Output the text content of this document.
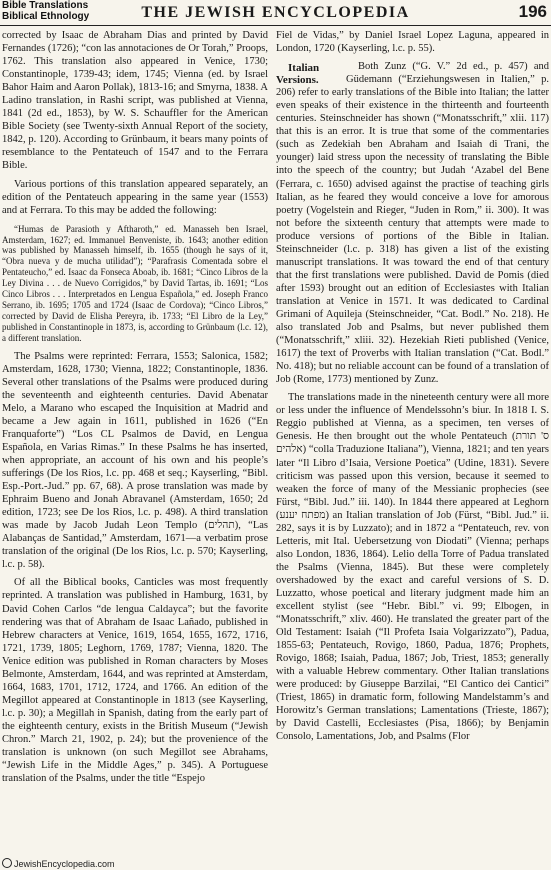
Bible Translations
Biblical Ethnology	THE JEWISH ENCYCLOPEDIA	196

corrected by Isaac de Abraham Dias and printed by David Fernandes (1726); “con las annotaciones de Or Torah,” Proops, 1762. This translation also appeared in Venice, 1730; Constantinople, 1739-43; idem, 1745; Vienna (ed. by Israel Bahor Haim and Aaron Pollak), 1813-16; and Smyrna, 1838. A Ladino translation, in Rashi script, was published at Vienna, 1841 (2d ed., 1853), by W. S. Schauffler for the American Bible Society (see Twenty-sixth Annual Report of the society, 1842, p. 120). According to Grünbaum, it bears many points of resemblance to the Pentateuch of 1547 and to the Ferrara Bible.

Various portions of this translation appeared separately, an edition of the Pentateuch appearing in the same year (1553) and at Ferrara. To this may be added the following:

“Humas de Parasioth y Aftharoth,” ed. Manasseh ben Israel, Amsterdam, 1627; ed. Immanuel Benveniste, ib. 1643; another edition was published by Manasseh himself, ib. 1655 (though he says of it, “Obra nueva y de mucha utilidad”); “Parafrasis Comentada sobre el Pentateucho,” ed. Isaac da Fonseca Aboab, ib. 1681; “Cinco Libros de la Ley Divina . . . de Nuevo Corrigidos,” by David Tartas, ib. 1691; “Los Cinco Libros . . . Interpretados en Lengua Española,” ed. Joseph Franco Serrano, ib. 1695; 1705 and 1724 (Isaac de Cordova); “Cinco Libros,” corrected by David de Elisha Pereyra, ib. 1733; “El Libro de la Ley,” published in Constantinople in 1873, is, according to Grünbaum (l.c. 12), a different translation.

The Psalms were reprinted: Ferrara, 1553; Salonica, 1582; Amsterdam, 1628, 1730; Vienna, 1822; Constantinople, 1836. Several other translations of the Psalms were produced during the seventeenth and eighteenth centuries. David Abenatar Melo, a Marano who escaped the Inquisition at Madrid and became a Jew again in 1611, published in 1626 (“En Franquaforte”) “Los CL Psalmos de David, en Lengua Española, en Varias Rimas.” In these Psalms he has inserted, when appropriate, an account of his own and his people’s sufferings (De los Rios, l.c. pp. 468 et seq.; Kayserling, “Bibl. Esp.-Port.-Jud.” pp. 67, 68). A prose translation was made by Ephraim Bueno and Jonah Abravanel (Amsterdam, 1650; 2d edition, 1723; see De los Rios, l.c. p. 498). A third translation was made by Jacob Judah Leon Templo (תהלים), “Las Alabanças de Santidad,” Amsterdam, 1671—a verbatim prose translation of the original (De los Rios, l.c. p. 570; Kayserling, l.c. p. 58).

Of all the Biblical books, Canticles was most frequently reprinted. A translation was published in Hamburg, 1631, by David Cohen Carlos “de lengua Caldayca”; but the favorite rendering was that of Abraham de Isaac Lañado, published in Hebrew characters at Venice, 1619, 1654, 1655, 1672, 1716, 1721, 1739, 1805; Leghorn, 1769, 1787; Vienna, 1820. The Venice edition was published in Roman characters by Moses Belmonte, Amsterdam, 1644, and was reprinted at Amsterdam, 1664, 1683, 1701, 1712, 1724, and 1766. An edition of the Megillot appeared at Constantinople in 1813 (see Kayserling, l.c. p. 30); a Megillah in Spanish, dating from the early part of the eighteenth century, exists in the British Museum (“Jewish Chron.” March 21, 1902, p. 24); but the provenience of the translation is unknown (on such Megillot see Abrahams, “Jewish Life in the Middle Ages,” p. 345). A Portuguese translation of the Psalms, under the title “Espejo

Fiel de Vidas,” by Daniel Israel Lopez Laguna, appeared in London, 1720 (Kayserling, l.c. p. 55).

Italian Versions.
Both Zunz (“G. V.” 2d ed., p. 457) and Güdemann (“Erziehungswesen in Italien,” p. 206) refer to early translations of the Bible into Italian; the latter even speaks of their existence in the thirteenth and fourteenth centuries. Steinschneider has shown (“Monatsschrift,” xlii. 117) that this is an error. It is true that some of the commentaries (such as Zedekiah ben Abraham and Isaiah di Trani, the younger) laid stress upon the necessity of translating the Bible into the speech of the country; but Judah ‘Azabel del Bene (Ferrara, c. 1650) advised against the practise of teaching girls Italian, as he feared they would conceive a love for amorous poetry (Vogelstein and Rieger, “Juden in Rom,” ii. 300). It was not before the sixteenth century that attempts were made to produce versions of portions of the Bible in Italian. Steinschneider (l.c. p. 318) has given a list of the existing manuscript translations. It was toward the end of that century that the first translations were published. David de Pomis (died after 1593) brought out an edition of Ecclesiastes with Italian translation at Venice in 1571. It was dedicated to Cardinal Grimani of Aquileja (Steinschneider, “Cat. Bodl.” No. 218). He also translated Job and Psalms, but never published them (“Monatsschrift,” xliii. 32). Hezekiah Rieti published (Venice, 1617) the text of Proverbs with Italian translation (“Cat. Bodl.” No. 418); but no reliable account can be found of a translation of Job (Rome, 1773) mentioned by Zunz.

The translations made in the nineteenth century were all more or less under the influence of Mendelssohn’s biur. In 1818 I. S. Reggio published at Vienna, as a specimen, ten verses of Genesis. He then brought out the whole Pentateuch (ס' תורת אלהים) “colla Traduzione Italiana”), Vienna, 1821; and ten years later “Il Libro d’Isaia, Versione Poetica” (Udine, 1831). Severe criticism was passed upon this version, because it seemed to weaken the force of many of the Messianic prophecies (see Fürst, “Bibl. Jud.” iii. 140). In 1844 there appeared at Leghorn (מפתח יענע) an Italian translation of Job (Fürst, “Bibl. Jud.” ii. 282, says it is by Luzzato); and in 1872 a “Pentateuch, rev. von Letteris, mit Ital. Uebersetzung von Diodati” (Vienna; perhaps also London, 1836, 1864). Lelio della Torre of Padua translated the Psalms (Vienna, 1845). But these were completely overshadowed by the exact and careful versions of S. D. Luzzatto, whose poetical and literary judgment made him an excellent stylist (see “Hebr. Bibl.” vi. 99; Elbogen, in “Monatsschrift,” xliv. 460). He translated the greater part of the Old Testament: Isaiah (“Il Profeta Isaia Volgarizzato”), Padua, 1855-63; Pentateuch, Rovigo, 1860, Padua, 1876; Prophets, Rovigo, 1868; Isaiah, Padua, 1867; Job, Triest, 1853; generally with a valuable Hebrew commentary. Other Italian translations were produced: by Giuseppe Barzilai, “El Cantico dei Cantici” (Triest, 1865) in dramatic form, following Mandelstamm’s and Horowitz’s German translations; Lamentations (Trieste, 1867); by David Castelli, Ecclesiastes (Pisa, 1866); by Benjamin Consolo, Lamentations, Job, and Psalms (Flor

JewishEncyclopedia.com
